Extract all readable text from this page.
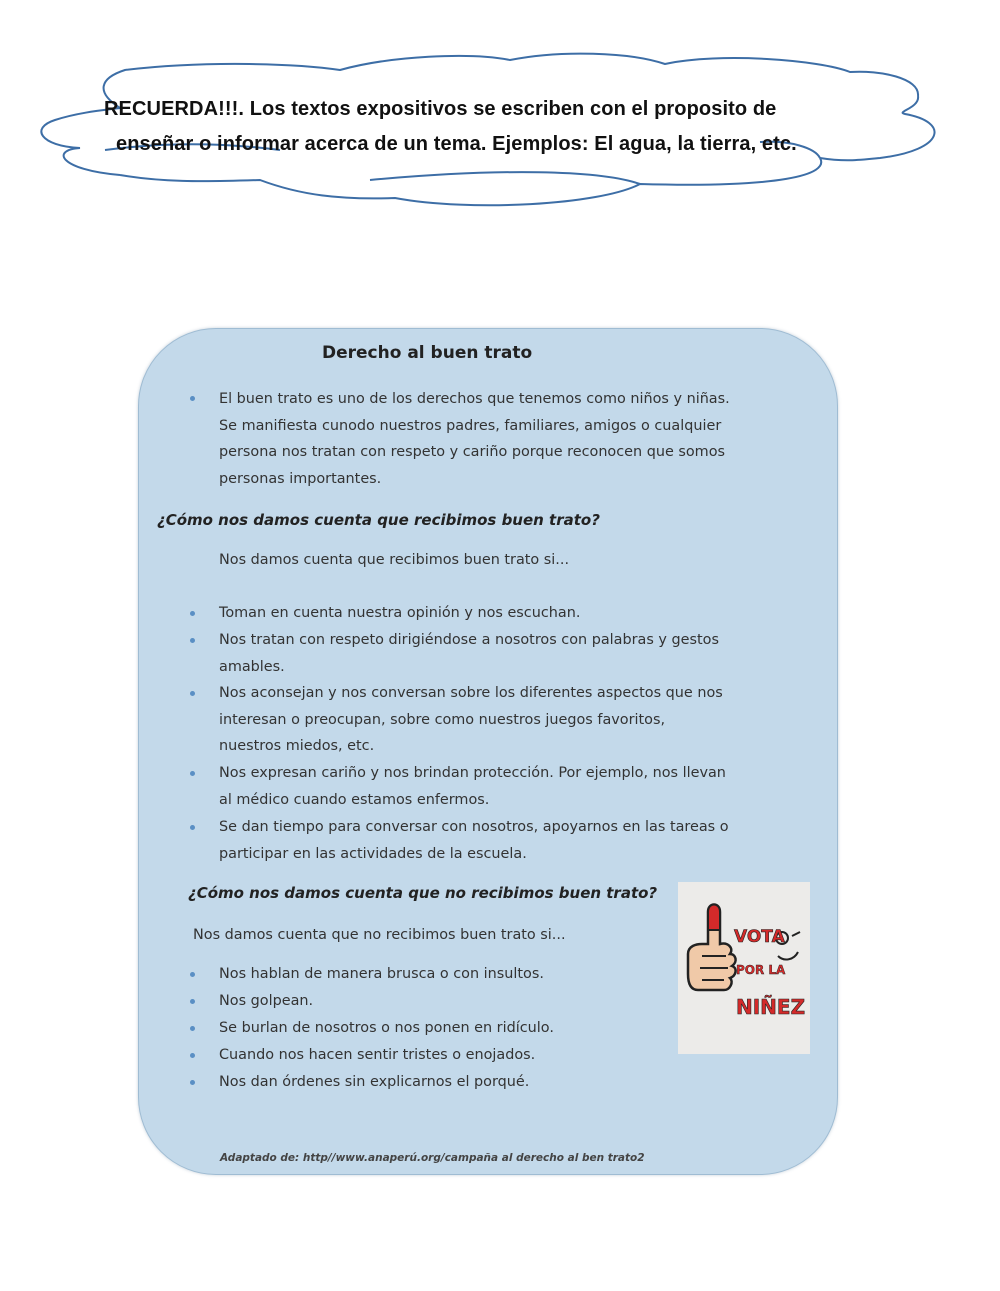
RECUERDA!!!. Los textos expositivos se escriben con el proposito de
enseñar o informar acerca de un tema. Ejemplos: El agua, la tierra, etc.
Derecho al buen trato
El buen trato es uno de los derechos que tenemos como niños y niñas.
Se manifiesta cunodo nuestros padres, familiares, amigos o cualquier
persona nos tratan con respeto y cariño porque reconocen que somos
personas importantes.
¿Cómo nos damos cuenta que recibimos buen trato?
Nos damos cuenta que recibimos buen trato si...
Toman en cuenta nuestra opinión y nos escuchan.
Nos tratan con respeto dirigiéndose a nosotros con palabras y gestos
amables.
Nos aconsejan y nos conversan sobre los diferentes aspectos que nos
interesan o preocupan, sobre como nuestros juegos favoritos,
nuestros miedos, etc.
Nos expresan cariño y nos brindan protección. Por ejemplo, nos llevan
al médico cuando estamos enfermos.
Se dan tiempo para conversar con nosotros, apoyarnos en las tareas o
participar en las actividades de la escuela.
¿Cómo nos damos cuenta que no recibimos buen trato?
Nos damos cuenta que no recibimos buen trato si...
Nos hablan de manera brusca o con insultos.
Nos golpean.
Se burlan de nosotros o nos ponen en ridículo.
Cuando nos hacen sentir tristes o enojados.
Nos dan órdenes sin explicarnos el porqué.
Adaptado de: http//www.anaperú.org/campaña al derecho al ben trato2
VOTA
POR LA
NIÑEZ
